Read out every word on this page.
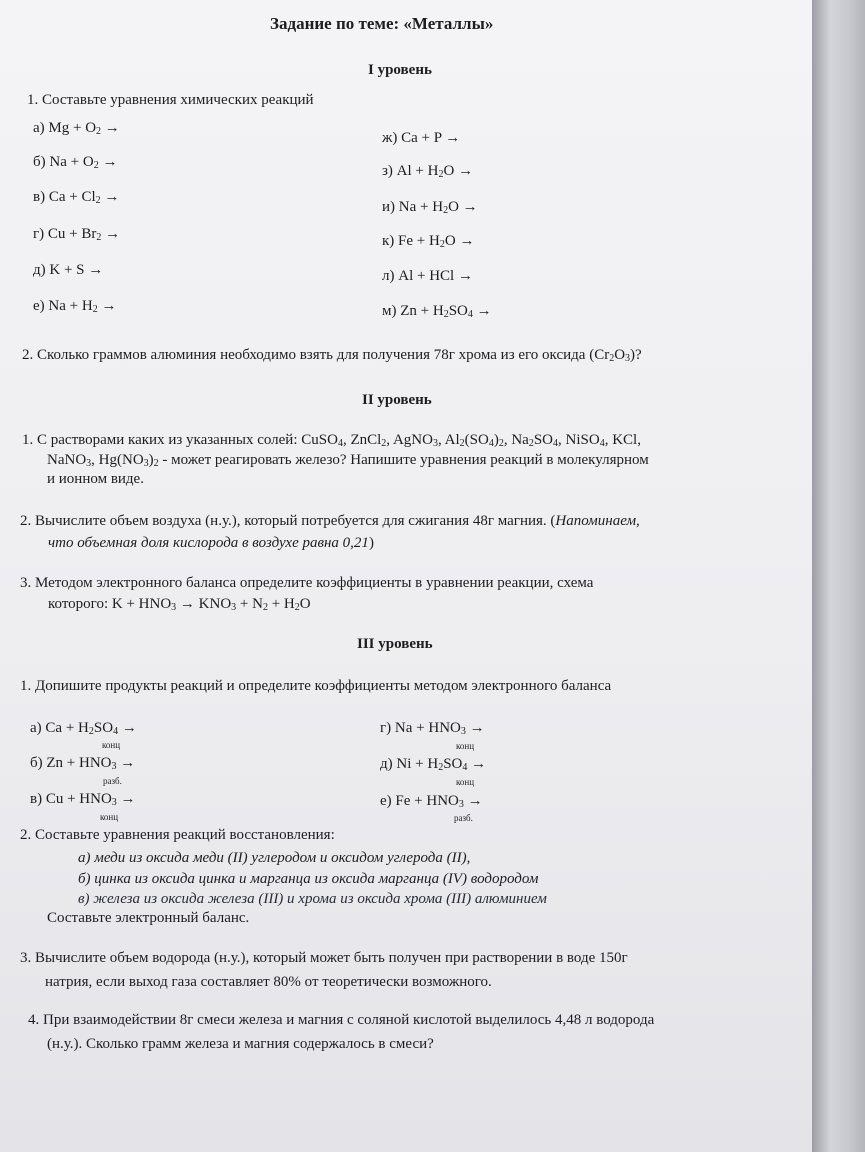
Задание по теме: «Металлы»
I уровень
1. Составьте уравнения химических реакций
а) $Mg + O_2$ →
б) $Na + O_2$ →
в) $Ca + Cl_2$ →
г) $Cu + Br_2$ →
д) K + S →
е) $Na + H_2$ →
ж) Ca + P →
з) $Al + H_2O$ →
и) $Na + H_2O$ →
к) $Fe + H_2O$ →
л) Al + HCl →
м) $Zn + H_2SO_4$ →
2. Сколько граммов алюминия необходимо взять для получения 78г хрома из его оксида $(Cr_2O_3)$?
II уровень
1. С растворами каких из указанных солей: CuSO$_4$, ZnCl$_2$, AgNO$_3$, $Al_2(SO_4)_2$, $Na_2SO_4$, NiSO$_4$, KCl,
NaNO$_3$, $Hg(NO_3)_2$ - может реагировать железо? Напишите уравнения реакций в молекулярном
и ионном виде.
2. Вычислите объем воздуха (н.у.), который потребуется для сжигания 48г магния. (Напоминаем,
что объемная доля кислорода в воздухе равна 0,21)
3. Методом электронного баланса определите коэффициенты в уравнении реакции, схема
которого: $K + HNO_3 \to KNO_3 + N_2 + H_2O$
III уровень
1. Допишите продукты реакций и определите коэффициенты методом электронного баланса
а) $Ca + H_2SO_4$ →
конц
б) $Zn + HNO_3$ →
разб.
в) $Cu + HNO_3$ →
конц
г) $Na + HNO_3$ →
конц
д) $Ni + H_2SO_4$ →
конц
е) $Fe + HNO_3$ →
разб.
2. Составьте уравнения реакций восстановления:
а) меди из оксида меди (II) углеродом и оксидом углерода (II),
б) цинка из оксида цинка и марганца из оксида марганца (IV) водородом
в) железа из оксида железа (III) и хрома из оксида хрома (III) алюминием
Составьте электронный баланс.
3. Вычислите объем водорода (н.у.), который может быть получен при растворении в воде 150г
натрия, если выход газа составляет 80% от теоретически возможного.
4. При взаимодействии 8г смеси железа и магния с соляной кислотой выделилось 4,48 л водорода
(н.у.). Сколько грамм железа и магния содержалось в смеси?
